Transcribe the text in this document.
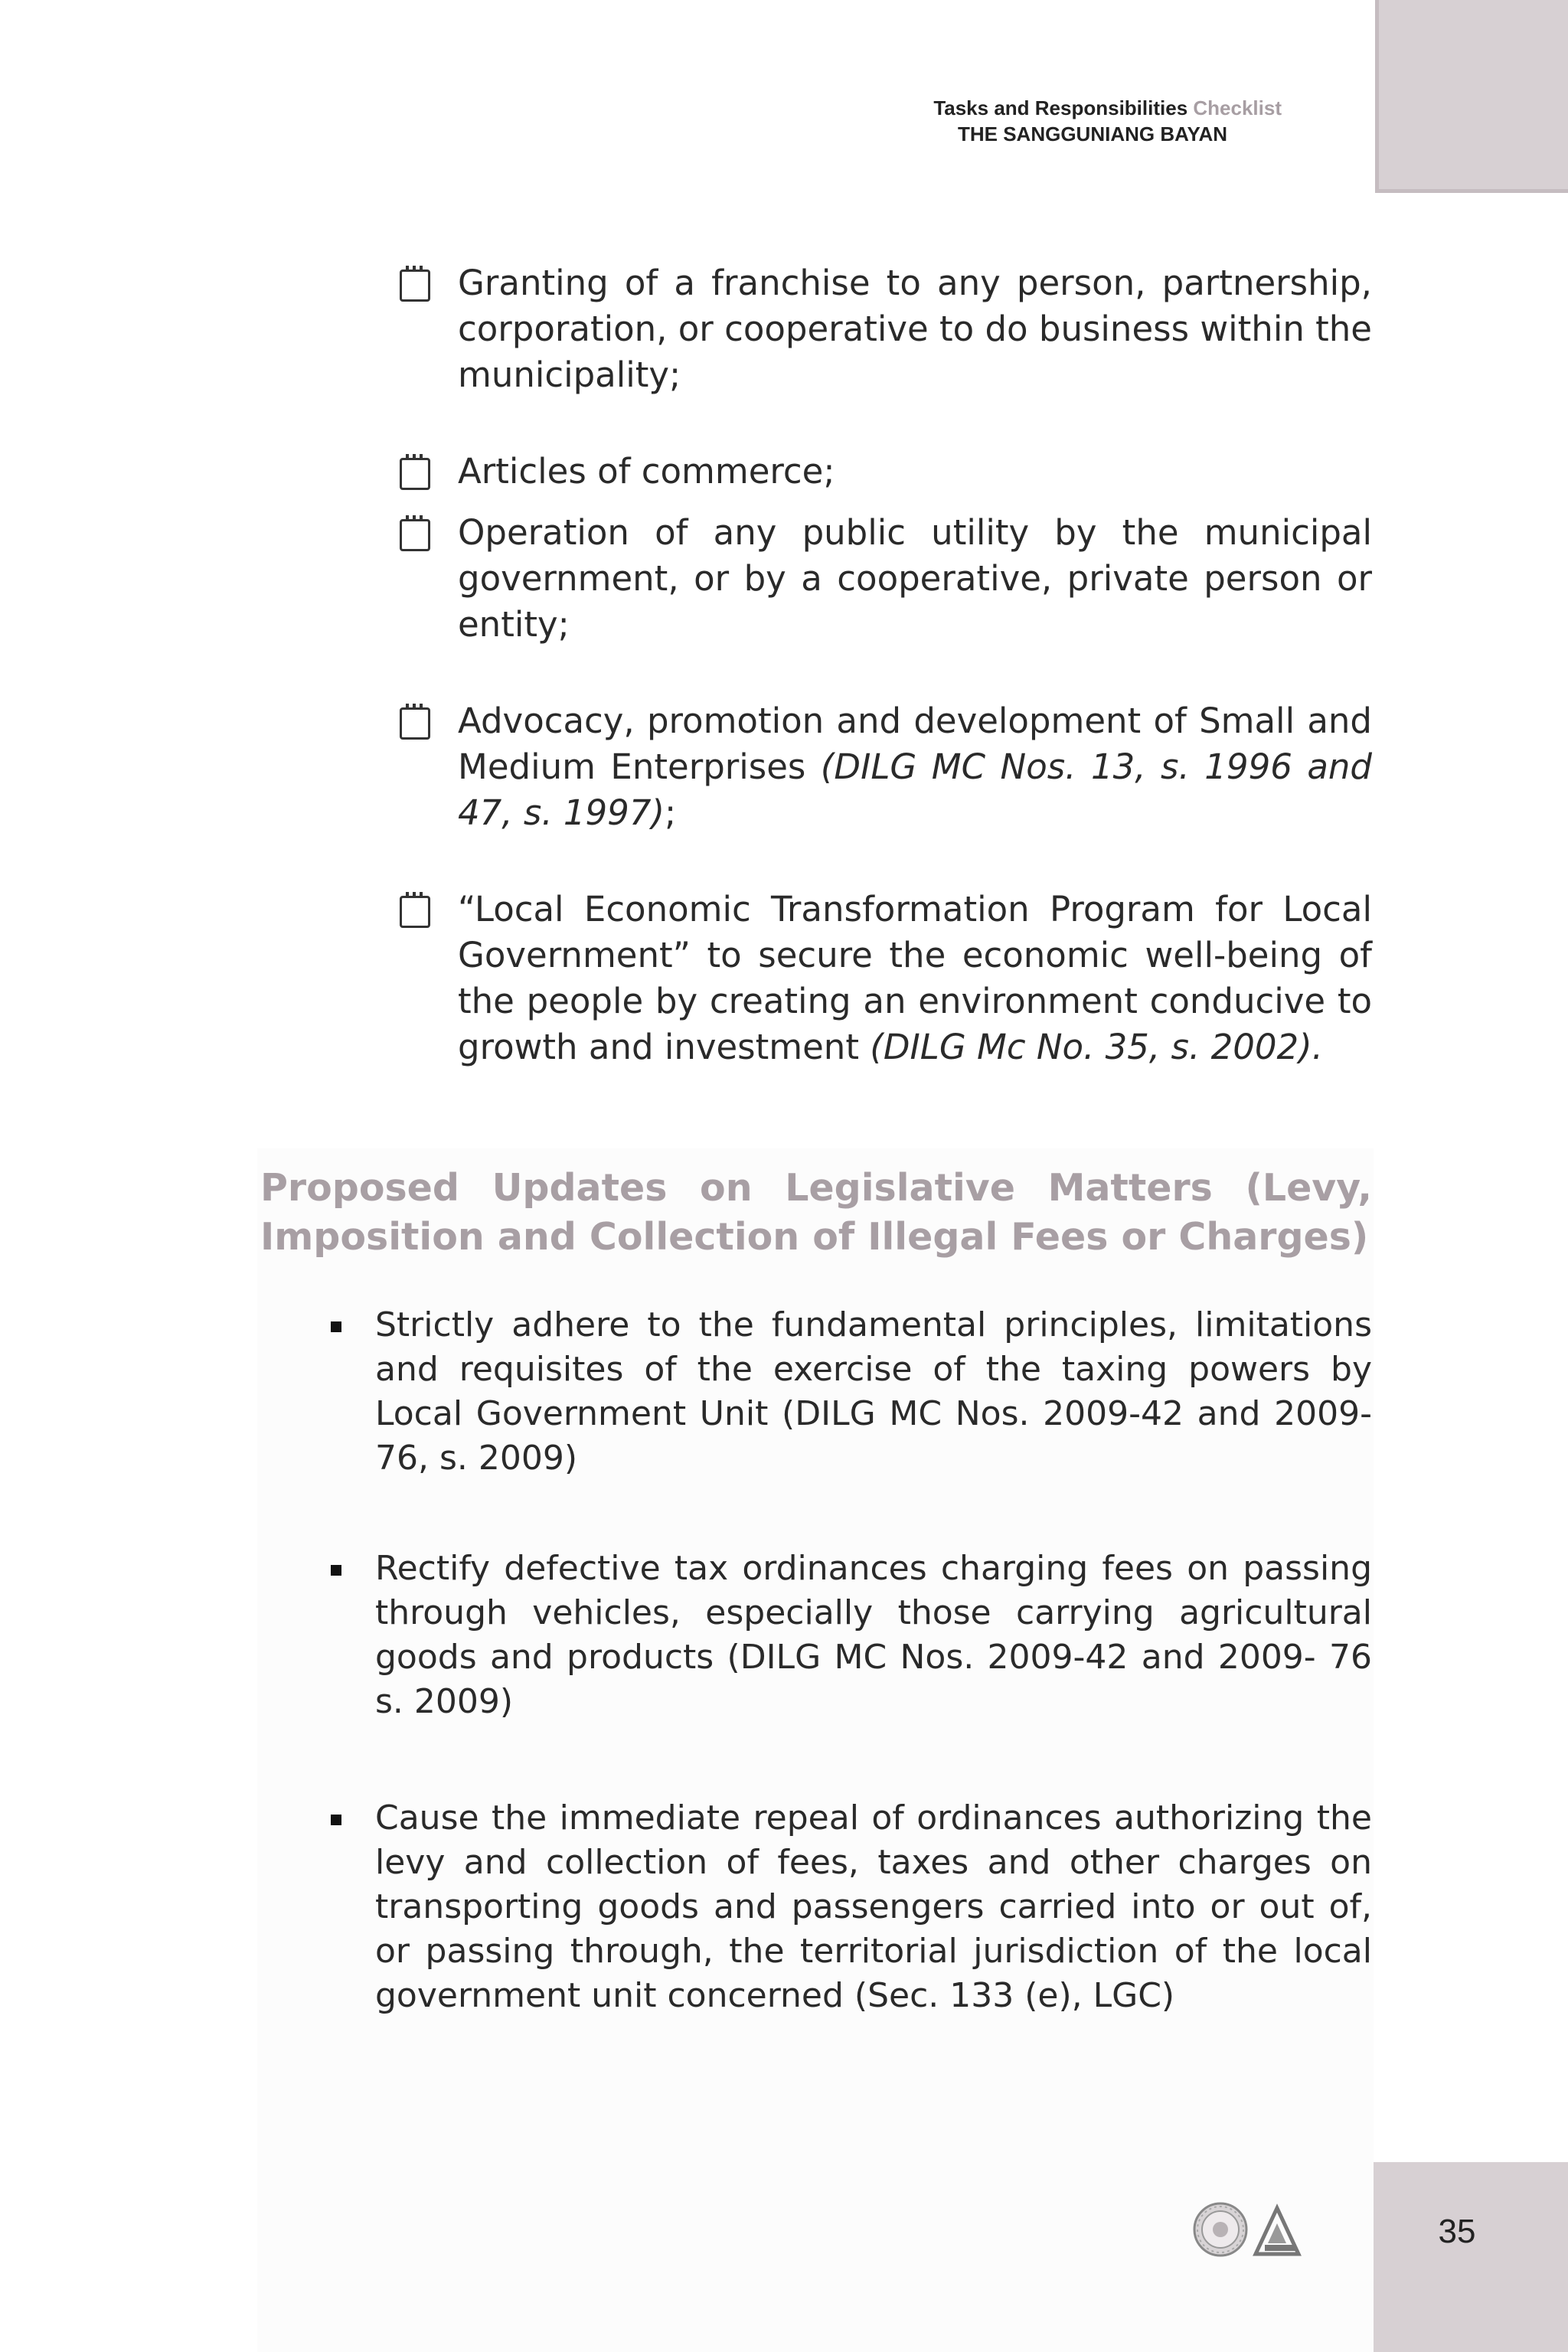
Tasks and Responsibilities Checklist
THE SANGGUNIANG BAYAN
Granting of a franchise to any person, partnership, corporation, or cooperative to do business within the municipality;
Articles of commerce;
Operation of any public utility by the municipal government, or by a cooperative, private person or entity;
Advocacy, promotion and development of Small and Medium Enterprises (DILG MC Nos. 13, s. 1996 and 47, s. 1997);
“Local Economic Transformation Program for Local Government” to secure the economic well-being of the people by creating an environment conducive to growth and investment (DILG Mc No. 35, s. 2002).
Proposed Updates on Legislative Matters (Levy, Imposition and Collection of Illegal Fees or Charges)
Strictly adhere to the fundamental principles, limitations and requisites of the exercise of the taxing powers by Local Government Unit (DILG MC Nos. 2009-42 and 2009-76, s. 2009)
Rectify defective tax ordinances charging fees on passing through vehicles, especially those carrying agricultural goods and products (DILG MC Nos. 2009-42 and 2009- 76 s. 2009)
Cause the immediate repeal of ordinances authorizing the levy and collection of fees, taxes and other charges on transporting goods and passengers carried into or out of, or passing through, the territorial jurisdiction of the local government unit concerned (Sec. 133 (e), LGC)
35
